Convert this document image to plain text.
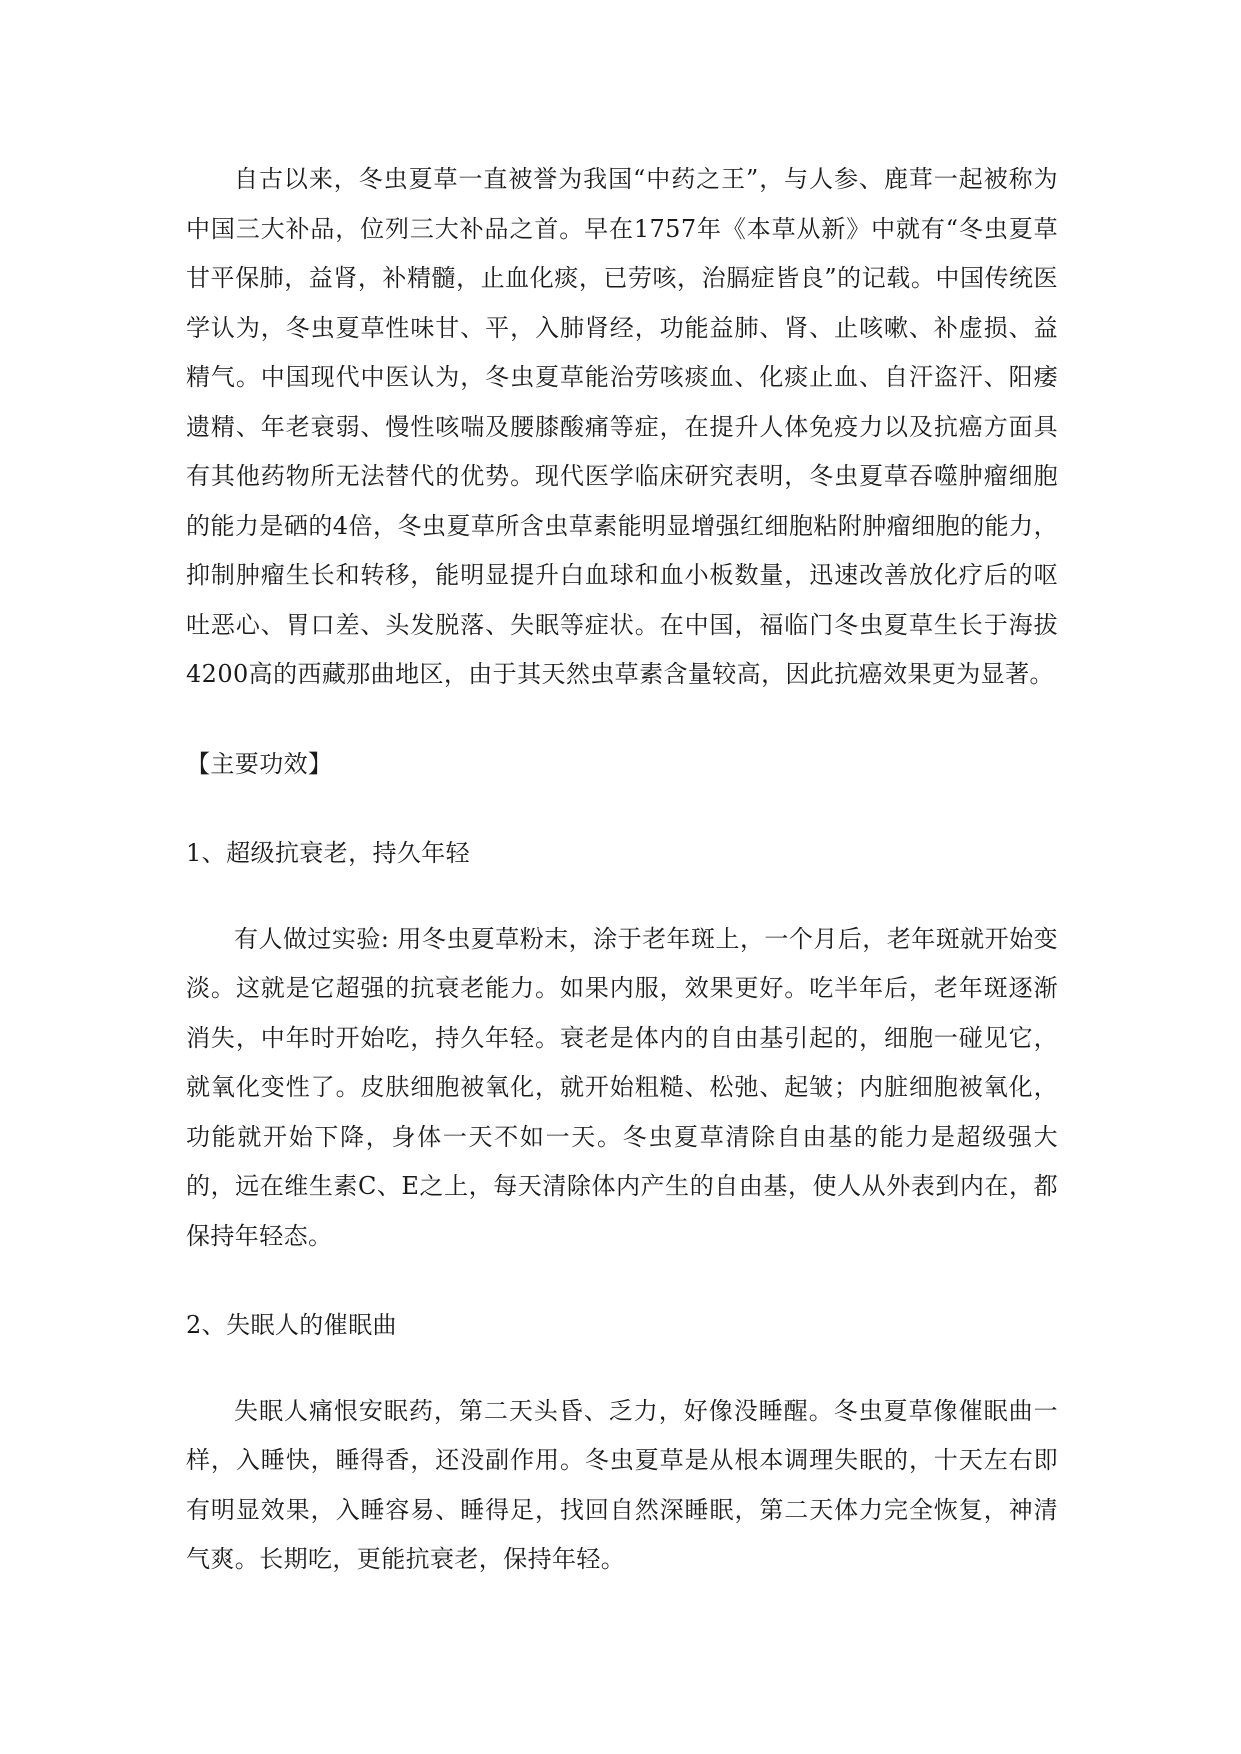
自古以来，冬虫夏草一直被誉为我国“中药之王”，与人参、鹿茸一起被称为中国三大补品，位列三大补品之首。早在1757年《本草从新》中就有“冬虫夏草甘平保肺，益肾，补精髓，止血化痰，已劳咳，治膈症皆良”的记载。中国传统医学认为，冬虫夏草性味甘、平，入肺肾经，功能益肺、肾、止咳嗽、补虚损、益精气。中国现代中医认为，冬虫夏草能治劳咳痰血、化痰止血、自汗盗汗、阳痿遗精、年老衰弱、慢性咳喘及腰膝酸痛等症，在提升人体免疫力以及抗癌方面具有其他药物所无法替代的优势。现代医学临床研究表明，冬虫夏草吞噬肿瘤细胞的能力是硒的4倍，冬虫夏草所含虫草素能明显增强红细胞粘附肿瘤细胞的能力，抑制肿瘤生长和转移，能明显提升白血球和血小板数量，迅速改善放化疗后的呕吐恶心、胃口差、头发脱落、失眠等症状。在中国，福临门冬虫夏草生长于海拔4200高的西藏那曲地区，由于其天然虫草素含量较高，因此抗癌效果更为显著。

【主要功效】

1、超级抗衰老，持久年轻

有人做过实验: 用冬虫夏草粉末，涂于老年斑上，一个月后，老年斑就开始变淡。这就是它超强的抗衰老能力。如果内服，效果更好。吃半年后，老年斑逐渐消失，中年时开始吃，持久年轻。衰老是体内的自由基引起的，细胞一碰见它，就氧化变性了。皮肤细胞被氧化，就开始粗糙、松弛、起皱；内脏细胞被氧化，功能就开始下降，身体一天不如一天。冬虫夏草清除自由基的能力是超级强大的，远在维生素C、E之上，每天清除体内产生的自由基，使人从外表到内在，都保持年轻态。

2、失眠人的催眠曲

失眠人痛恨安眠药，第二天头昏、乏力，好像没睡醒。冬虫夏草像催眠曲一样，入睡快，睡得香，还没副作用。冬虫夏草是从根本调理失眠的，十天左右即有明显效果，入睡容易、睡得足，找回自然深睡眠，第二天体力完全恢复，神清气爽。长期吃，更能抗衰老，保持年轻。
